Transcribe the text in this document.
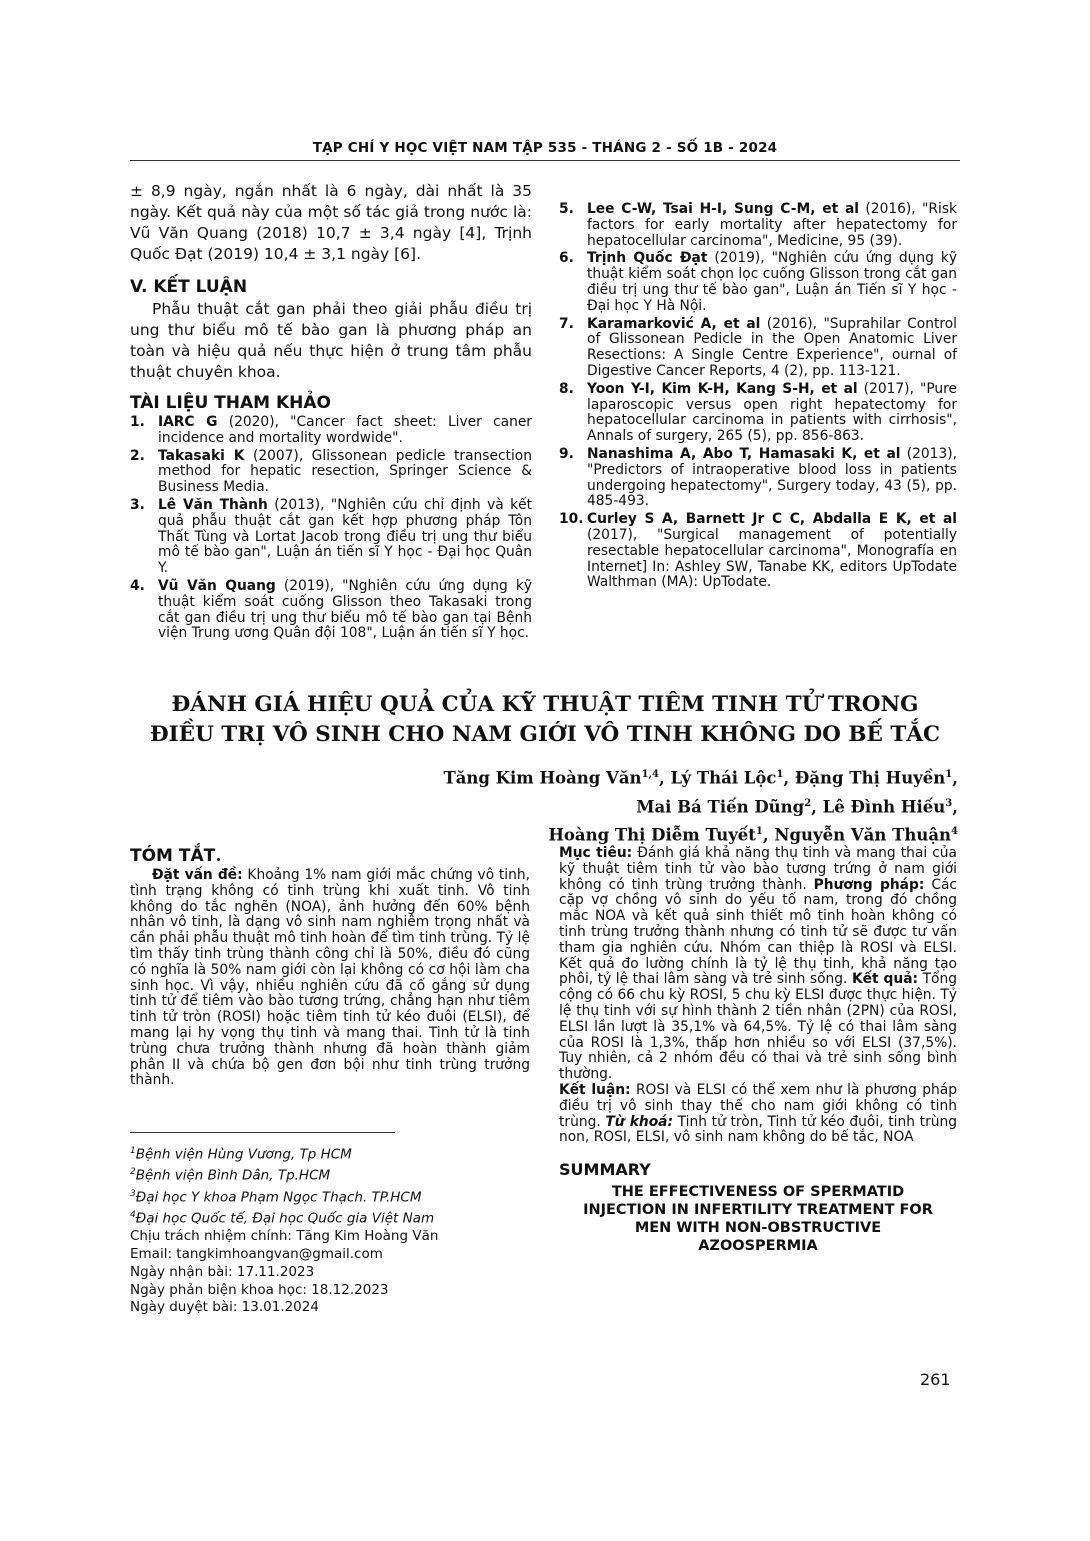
TẠP CHÍ Y HỌC VIỆT NAM TẬP 535 - THÁNG 2 - SỐ 1B - 2024
± 8,9 ngày, ngắn nhất là 6 ngày, dài nhất là 35 ngày. Kết quả này của một số tác giả trong nước là: Vũ Văn Quang (2018) 10,7 ± 3,4 ngày [4], Trịnh Quốc Đạt (2019) 10,4 ± 3,1 ngày [6].
V. KẾT LUẬN
Phẫu thuật cắt gan phải theo giải phẫu điều trị ung thư biểu mô tế bào gan là phương pháp an toàn và hiệu quả nếu thực hiện ở trung tâm phẫu thuật chuyên khoa.
TÀI LIỆU THAM KHẢO
1. IARC G (2020), "Cancer fact sheet: Liver caner incidence and mortality wordwide".
2. Takasaki K (2007), Glissonean pedicle transection method for hepatic resection, Springer Science & Business Media.
3. Lê Văn Thành (2013), "Nghiên cứu chỉ định và kết quả phẫu thuật cắt gan kết hợp phương pháp Tôn Thất Tùng và Lortat Jacob trong điều trị ung thư biểu mô tế bào gan", Luận án tiến sĩ Y học - Đại học Quân Y.
4. Vũ Văn Quang (2019), "Nghiên cứu ứng dụng kỹ thuật kiểm soát cuống Glisson theo Takasaki trong cắt gan điều trị ung thư biểu mô tế bào gan tại Bệnh viện Trung ương Quân đội 108", Luận án tiến sĩ Y học.
5. Lee C-W, Tsai H-I, Sung C-M, et al (2016), "Risk factors for early mortality after hepatectomy for hepatocellular carcinoma", Medicine, 95 (39).
6. Trịnh Quốc Đạt (2019), "Nghiên cứu ứng dụng kỹ thuật kiểm soát chọn lọc cuống Glisson trong cắt gan điều trị ung thư tế bào gan", Luận án Tiến sĩ Y học - Đại học Y Hà Nội.
7. Karamarković A, et al (2016), "Suprahilar Control of Glissonean Pedicle in the Open Anatomic Liver Resections: A Single Centre Experience", ournal of Digestive Cancer Reports, 4 (2), pp. 113-121.
8. Yoon Y-I, Kim K-H, Kang S-H, et al (2017), "Pure laparoscopic versus open right hepatectomy for hepatocellular carcinoma in patients with cirrhosis", Annals of surgery, 265 (5), pp. 856-863.
9. Nanashima A, Abo T, Hamasaki K, et al (2013), "Predictors of intraoperative blood loss in patients undergoing hepatectomy", Surgery today, 43 (5), pp. 485-493.
10. Curley S A, Barnett Jr C C, Abdalla E K, et al (2017), "Surgical management of potentially resectable hepatocellular carcinoma", Monografía en Internet] In: Ashley SW, Tanabe KK, editors UpTodate Walthman (MA): UpTodate.
ĐÁNH GIÁ HIỆU QUẢ CỦA KỸ THUẬT TIÊM TINH TỬ TRONG
ĐIỀU TRỊ VÔ SINH CHO NAM GIỚI VÔ TINH KHÔNG DO BẾ TẮC
Tăng Kim Hoàng Văn$^{1,4}$, Lý Thái Lộc$^1$, Đặng Thị Huyền$^1$,
Mai Bá Tiến Dũng$^2$, Lê Đình Hiếu$^3$,
Hoàng Thị Diễm Tuyết$^1$, Nguyễn Văn Thuận$^4$
TÓM TẮT
Đặt vấn đề: Khoảng 1% nam giới mắc chứng vô tinh, tình trạng không có tinh trùng khi xuất tinh. Vô tinh không do tắc nghẽn (NOA), ảnh hưởng đến 60% bệnh nhân vô tinh, là dạng vô sinh nam nghiêm trọng nhất và cần phải phẫu thuật mô tinh hoàn để tìm tinh trùng. Tỷ lệ tìm thấy tinh trùng thành công chỉ là 50%, điều đó cũng có nghĩa là 50% nam giới còn lại không có cơ hội làm cha sinh học. Vì vậy, nhiều nghiên cứu đã cố gắng sử dụng tinh tử để tiêm vào bào tương trứng, chẳng hạn như tiêm tinh tử tròn (ROSI) hoặc tiêm tinh tử kéo đuôi (ELSI), để mang lại hy vọng thụ tinh và mang thai. Tinh tử là tinh trùng chưa trưởng thành nhưng đã hoàn thành giảm phân II và chứa bộ gen đơn bội như tinh trùng trưởng thành.
Mục tiêu: Đánh giá khả năng thụ tinh và mang thai của kỹ thuật tiêm tinh tử vào bào tương trứng ở nam giới không có tinh trùng trưởng thành. Phương pháp: Các cặp vợ chồng vô sinh do yếu tố nam, trong đó chồng mắc NOA và kết quả sinh thiết mô tinh hoàn không có tinh trùng trưởng thành nhưng có tinh tử sẽ được tư vấn tham gia nghiên cứu. Nhóm can thiệp là ROSI và ELSI. Kết quả đo lường chính là tỷ lệ thụ tinh, khả năng tạo phôi, tỷ lệ thai lâm sàng và trẻ sinh sống. Kết quả: Tổng cộng có 66 chu kỳ ROSI, 5 chu kỳ ELSI được thực hiện. Tỷ lệ thụ tinh với sự hình thành 2 tiền nhân (2PN) của ROSI, ELSI lần lượt là 35,1% và 64,5%. Tỷ lệ có thai lâm sàng của ROSI là 1,3%, thấp hơn nhiều so với ELSI (37,5%). Tuy nhiên, cả 2 nhóm đều có thai và trẻ sinh sống bình thường.
Kết luận: ROSI và ELSI có thể xem như là phương pháp điều trị vô sinh thay thế cho nam giới không có tinh trùng. Từ khoá: Tinh tử tròn, Tinh tử kéo đuôi, tinh trùng non, ROSI, ELSI, vô sinh nam không do bế tắc, NOA
SUMMARY
THE EFFECTIVENESS OF SPERMATID INJECTION IN INFERTILITY TREATMENT FOR MEN WITH NON-OBSTRUCTIVE AZOOSPERMIA
$^1$Bệnh viện Hùng Vương, Tp HCM
$^2$Bệnh viện Bình Dân, Tp.HCM
$^3$Đại học Y khoa Phạm Ngọc Thạch. TP.HCM
$^4$Đại học Quốc tế, Đại học Quốc gia Việt Nam
Chịu trách nhiệm chính: Tăng Kim Hoàng Văn
Email: tangkimhoangvan@gmail.com
Ngày nhận bài: 17.11.2023
Ngày phản biện khoa học: 18.12.2023
Ngày duyệt bài: 13.01.2024
261
